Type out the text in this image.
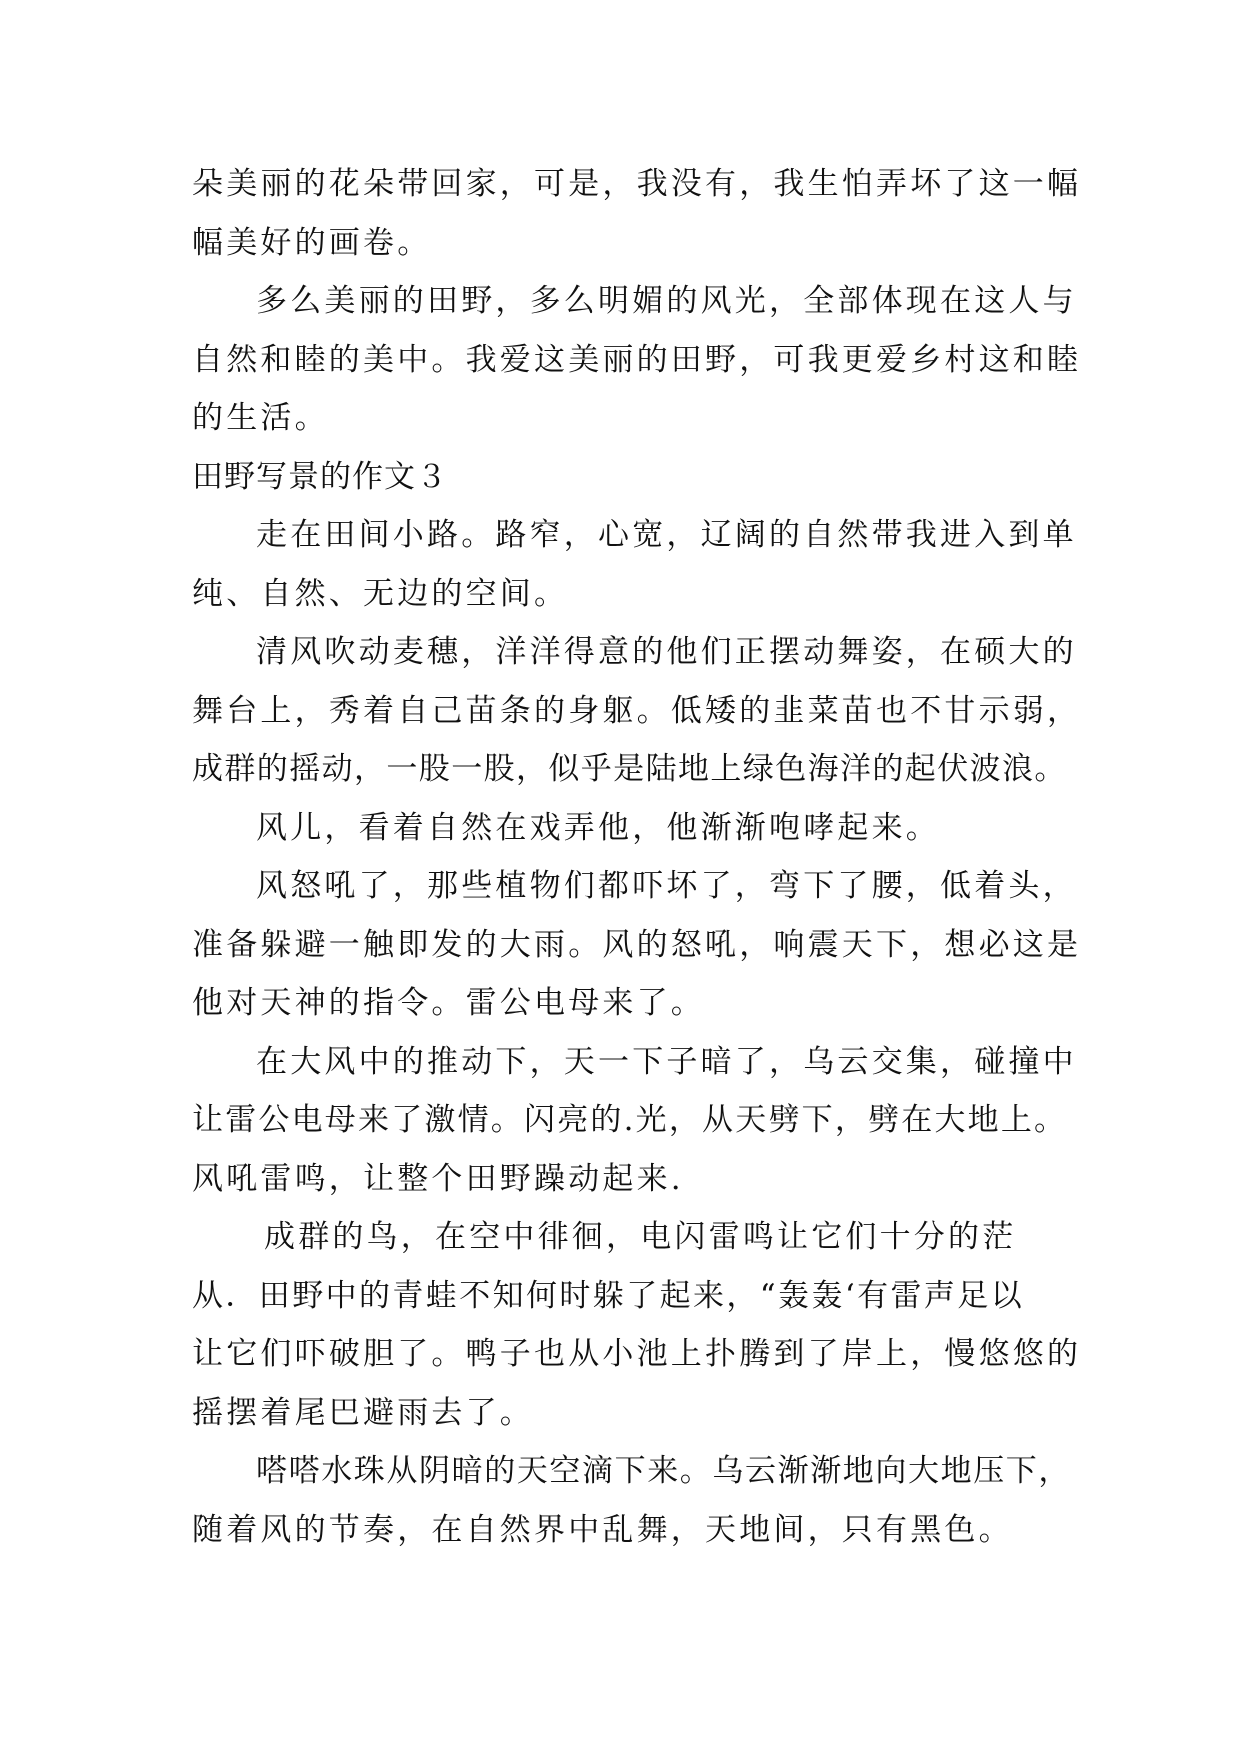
朵美丽的花朵带回家，可是，我没有，我生怕弄坏了这一幅
幅美好的画卷。
多么美丽的田野，多么明媚的风光，全部体现在这人与
自然和睦的美中。我爱这美丽的田野，可我更爱乡村这和睦
的生活。
田野写景的作文３
走在田间小路。路窄，心宽，辽阔的自然带我进入到单
纯、自然、无边的空间。
清风吹动麦穗，洋洋得意的他们正摆动舞姿，在硕大的
舞台上，秀着自己苗条的身躯。低矮的韭菜苗也不甘示弱，
成群的摇动，一股一股，似乎是陆地上绿色海洋的起伏波浪。
风儿，看着自然在戏弄他，他渐渐咆哮起来。
风怒吼了，那些植物们都吓坏了，弯下了腰，低着头，
准备躲避一触即发的大雨。风的怒吼，响震天下，想必这是
他对天神的指令。雷公电母来了。
在大风中的推动下，天一下子暗了，乌云交集，碰撞中
让雷公电母来了激情。闪亮的.光，从天劈下，劈在大地上。
风吼雷鸣，让整个田野躁动起来.
成群的鸟，在空中徘徊，电闪雷鸣让它们十分的茫
从．田野中的青蛙不知何时躲了起来，“轰轰‘有雷声足以
让它们吓破胆了。鸭子也从小池上扑腾到了岸上，慢悠悠的
摇摆着尾巴避雨去了。
嗒嗒水珠从阴暗的天空滴下来。乌云渐渐地向大地压下，
随着风的节奏，在自然界中乱舞，天地间，只有黑色。
